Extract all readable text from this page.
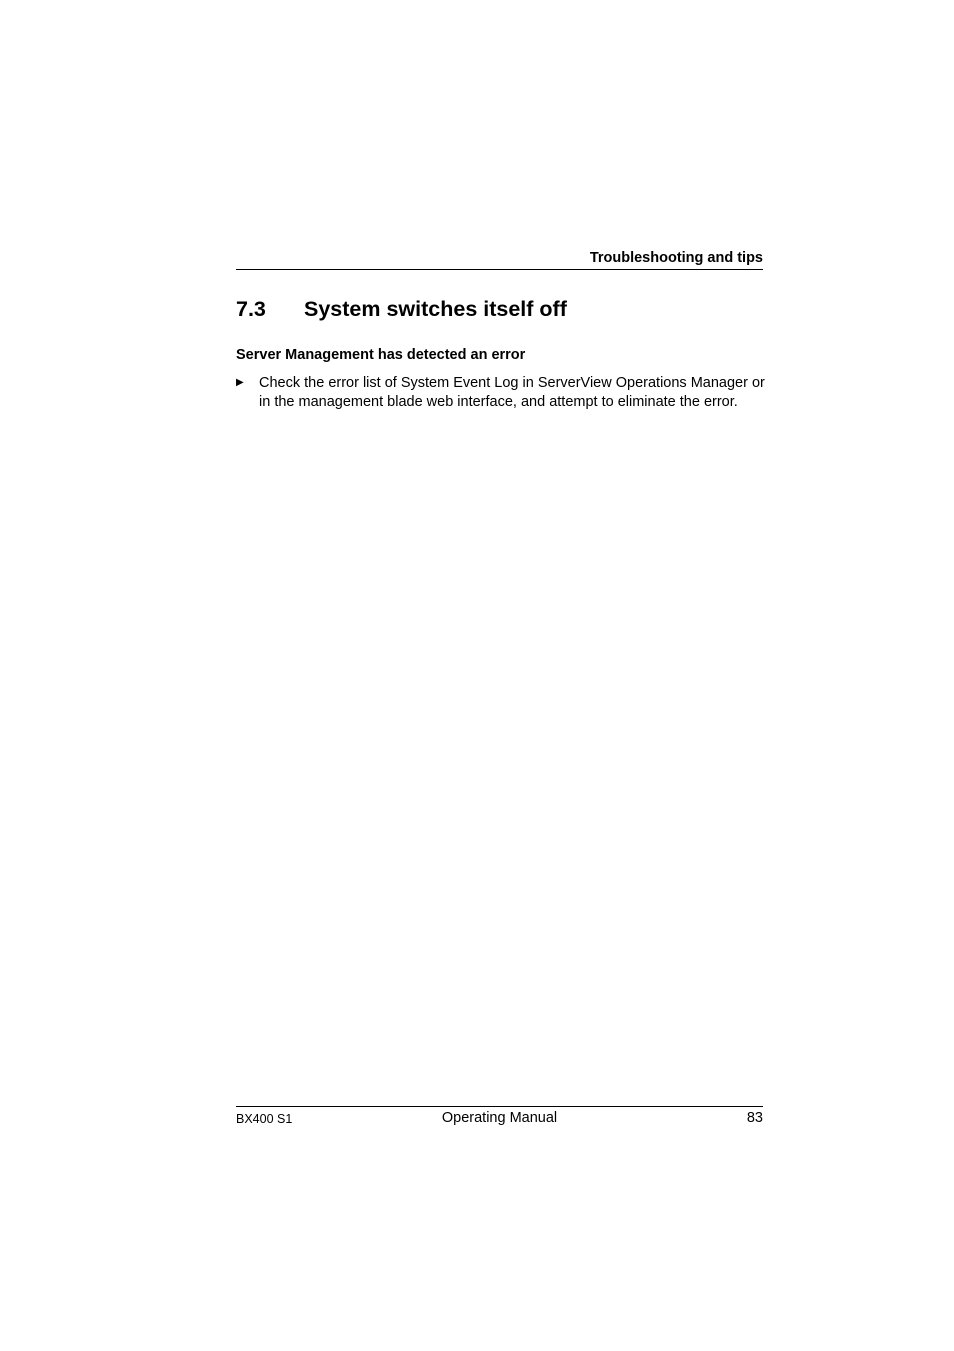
Troubleshooting and tips
7.3 System switches itself off
Server Management has detected an error
▶ Check the error list of System Event Log in ServerView Operations Manager or in the management blade web interface, and attempt to eliminate the error.
BX400 S1	Operating Manual	83
